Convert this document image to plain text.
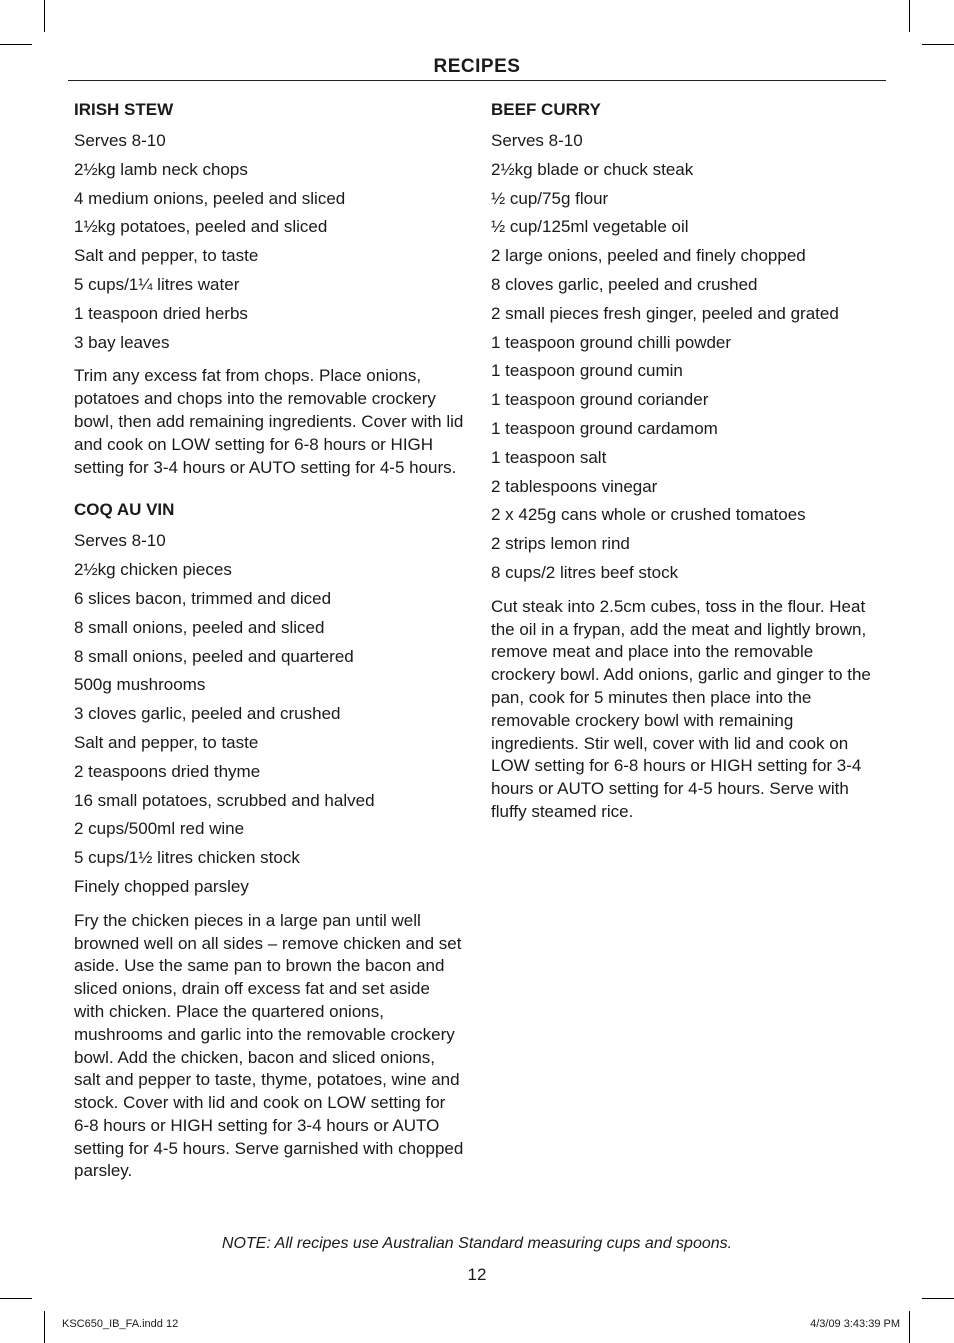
RECIPES
IRISH STEW
Serves 8-10
2½kg lamb neck chops
4 medium onions, peeled and sliced
1½kg potatoes, peeled and sliced
Salt and pepper, to taste
5 cups/1¼ litres water
1 teaspoon dried herbs
3 bay leaves

Trim any excess fat from chops. Place onions, potatoes and chops into the removable crockery bowl, then add remaining ingredients. Cover with lid and cook on LOW setting for 6-8 hours or HIGH setting for 3-4 hours or AUTO setting for 4-5 hours.

COQ AU VIN
Serves 8-10
2½kg chicken pieces
6 slices bacon, trimmed and diced
8 small onions, peeled and sliced
8 small onions, peeled and quartered
500g mushrooms
3 cloves garlic, peeled and crushed
Salt and pepper, to taste
2 teaspoons dried thyme
16 small potatoes, scrubbed and halved
2 cups/500ml red wine
5 cups/1½ litres chicken stock
Finely chopped parsley

Fry the chicken pieces in a large pan until well browned well on all sides – remove chicken and set aside. Use the same pan to brown the bacon and sliced onions, drain off excess fat and set aside with chicken. Place the quartered onions, mushrooms and garlic into the removable crockery bowl. Add the chicken, bacon and sliced onions, salt and pepper to taste, thyme, potatoes, wine and stock. Cover with lid and cook on LOW setting for 6-8 hours or HIGH setting for 3-4 hours or AUTO setting for 4-5 hours. Serve garnished with chopped parsley.

BEEF CURRY
Serves 8-10
2½kg blade or chuck steak
½ cup/75g flour
½ cup/125ml vegetable oil
2 large onions, peeled and finely chopped
8 cloves garlic, peeled and crushed
2 small pieces fresh ginger, peeled and grated
1 teaspoon ground chilli powder
1 teaspoon ground cumin
1 teaspoon ground coriander
1 teaspoon ground cardamom
1 teaspoon salt
2 tablespoons vinegar
2 x 425g cans whole or crushed tomatoes
2 strips lemon rind
8 cups/2 litres beef stock

Cut steak into 2.5cm cubes, toss in the flour. Heat the oil in a frypan, add the meat and lightly brown, remove meat and place into the removable crockery bowl. Add onions, garlic and ginger to the pan, cook for 5 minutes then place into the removable crockery bowl with remaining ingredients. Stir well, cover with lid and cook on LOW setting for 6-8 hours or HIGH setting for 3-4 hours or AUTO setting for 4-5 hours. Serve with fluffy steamed rice.

NOTE: All recipes use Australian Standard measuring cups and spoons.
12
KSC650_IB_FA.indd 12	4/3/09 3:43:39 PM
